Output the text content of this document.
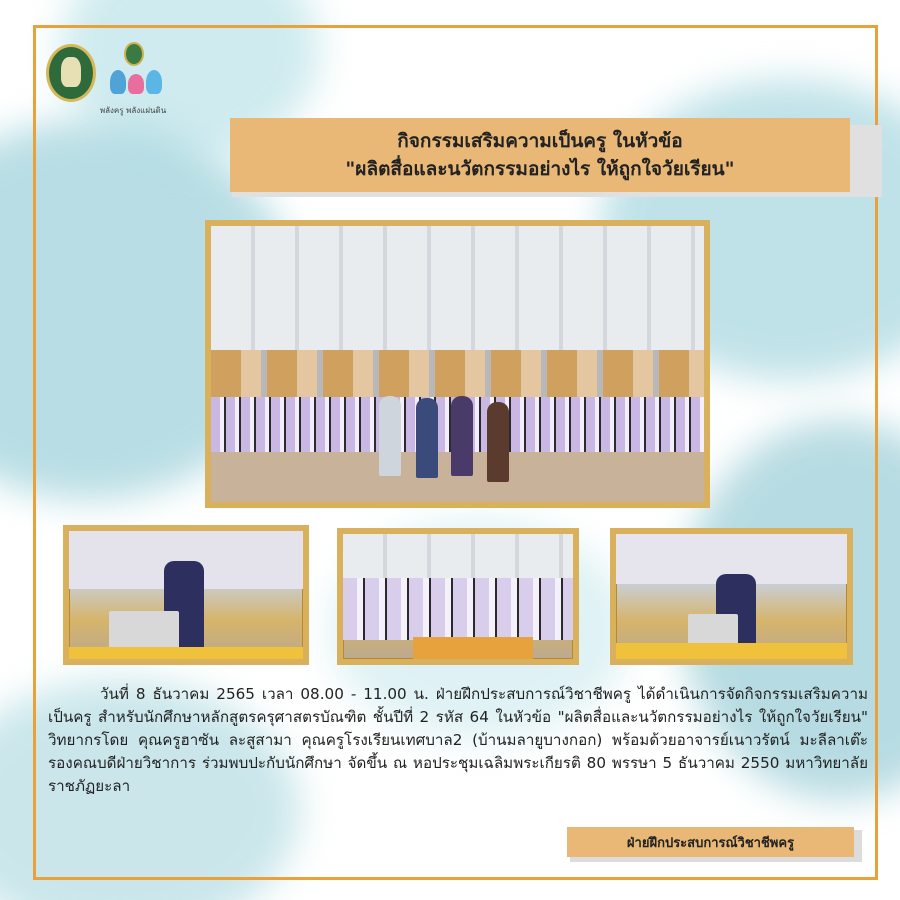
พลังครู พลังแผ่นดิน
กิจกรรมเสริมความเป็นครู ในหัวข้อ
"ผลิตสื่อและนวัตกรรมอย่างไร ให้ถูกใจวัยเรียน"

วันที่ 8 ธันวาคม 2565 เวลา 08.00 - 11.00 น. ฝ่ายฝึกประสบการณ์วิชาชีพครู ได้ดำเนินการจัดกิจกรรมเสริมความเป็นครู สำหรับนักศึกษาหลักสูตรครุศาสตรบัณฑิต ชั้นปีที่ 2 รหัส 64 ในหัวข้อ "ผลิตสื่อและนวัตกรรมอย่างไร ให้ถูกใจวัยเรียน" วิทยากรโดย คุณครูฮาซัน ละสูสามา คุณครูโรงเรียนเทศบาล2 (บ้านมลายูบางกอก) พร้อมด้วยอาจารย์เนาวรัตน์ มะลีลาเต๊ะ รองคณบดีฝ่ายวิชาการ ร่วมพบปะกับนักศึกษา จัดขึ้น ณ หอประชุมเฉลิมพระเกียรติ 80 พรรษา 5 ธันวาคม 2550 มหาวิทยาลัยราชภัฏยะลา

ฝ่ายฝึกประสบการณ์วิชาชีพครู
